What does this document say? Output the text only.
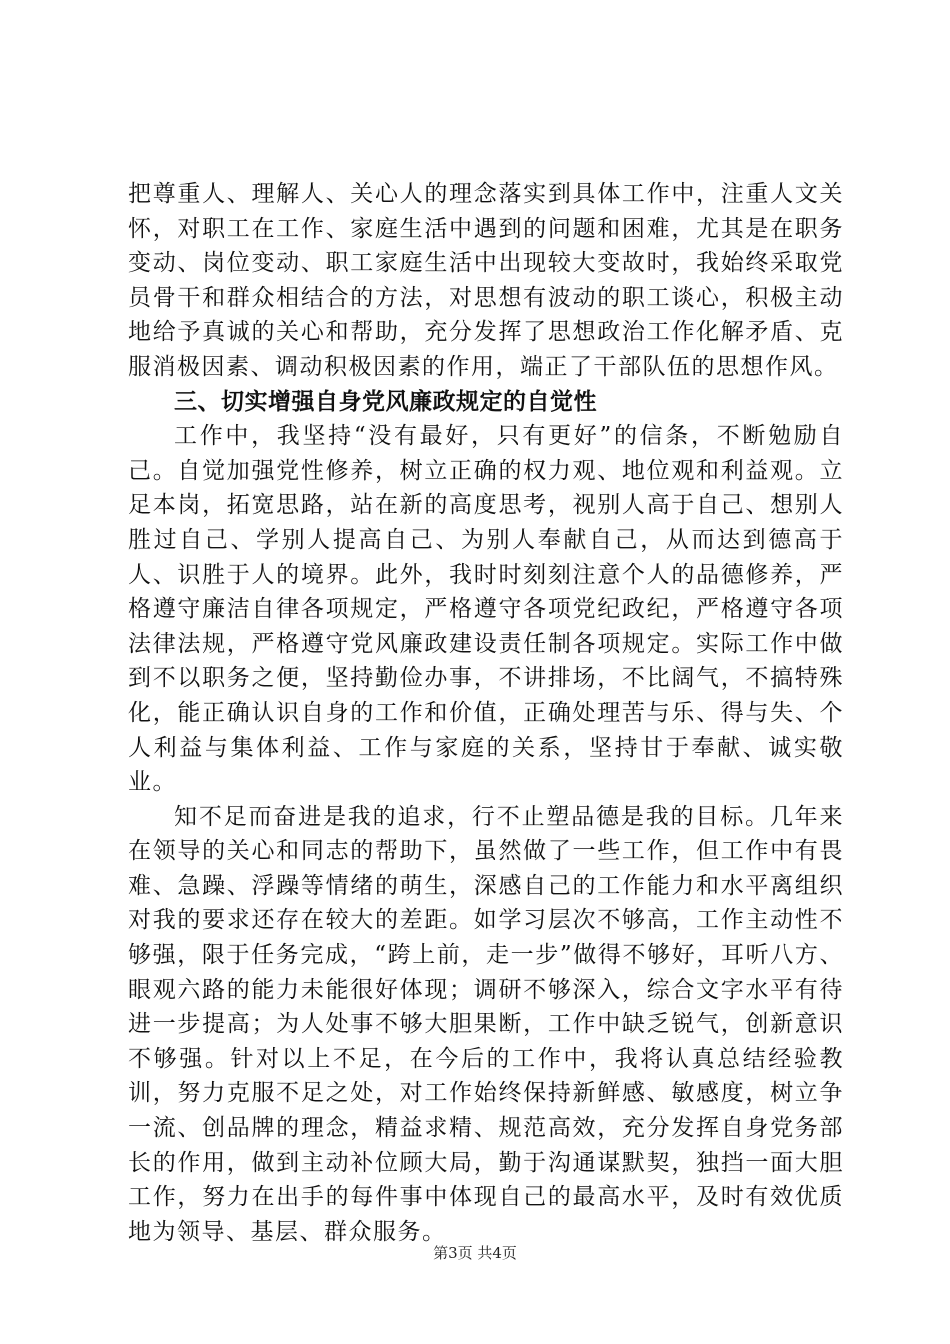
把尊重人、理解人、关心人的理念落实到具体工作中，注重人文关怀，对职工在工作、家庭生活中遇到的问题和困难，尤其是在职务变动、岗位变动、职工家庭生活中出现较大变故时，我始终采取党员骨干和群众相结合的方法，对思想有波动的职工谈心，积极主动地给予真诚的关心和帮助，充分发挥了思想政治工作化解矛盾、克服消极因素、调动积极因素的作用，端正了干部队伍的思想作风。

三、切实增强自身党风廉政规定的自觉性

工作中，我坚持“没有最好，只有更好”的信条，不断勉励自己。自觉加强党性修养，树立正确的权力观、地位观和利益观。立足本岗，拓宽思路，站在新的高度思考，视别人高于自己、想别人胜过自己、学别人提高自己、为别人奉献自己，从而达到德高于人、识胜于人的境界。此外，我时时刻刻注意个人的品德修养，严格遵守廉洁自律各项规定，严格遵守各项党纪政纪，严格遵守各项法律法规，严格遵守党风廉政建设责任制各项规定。实际工作中做到不以职务之便，坚持勤俭办事，不讲排场，不比阔气，不搞特殊化，能正确认识自身的工作和价值，正确处理苦与乐、得与失、个人利益与集体利益、工作与家庭的关系，坚持甘于奉献、诚实敬业。

知不足而奋进是我的追求，行不止塑品德是我的目标。几年来在领导的关心和同志的帮助下，虽然做了一些工作，但工作中有畏难、急躁、浮躁等情绪的萌生，深感自己的工作能力和水平离组织对我的要求还存在较大的差距。如学习层次不够高，工作主动性不够强，限于任务完成，“跨上前，走一步”做得不够好，耳听八方、眼观六路的能力未能很好体现；调研不够深入，综合文字水平有待进一步提高；为人处事不够大胆果断，工作中缺乏锐气，创新意识不够强。针对以上不足，在今后的工作中，我将认真总结经验教训，努力克服不足之处，对工作始终保持新鲜感、敏感度，树立争一流、创品牌的理念，精益求精、规范高效，充分发挥自身党务部长的作用，做到主动补位顾大局，勤于沟通谋默契，独挡一面大胆工作，努力在出手的每件事中体现自己的最高水平，及时有效优质地为领导、基层、群众服务。

第3页 共4页
